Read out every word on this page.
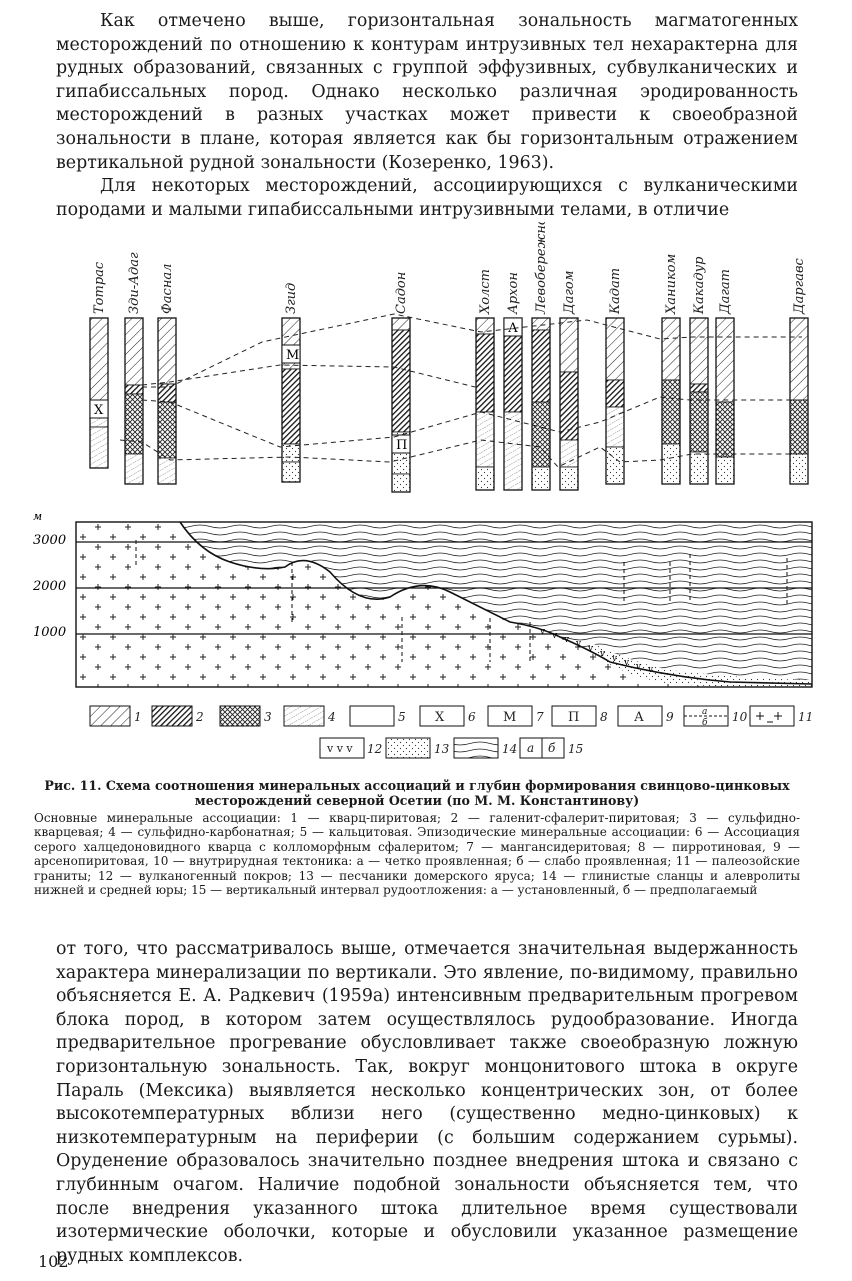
Как отмечено выше, горизонтальная зональность магматогенных месторождений по отношению к контурам интрузивных тел нехарактерна для рудных образований, связанных с группой эффузивных, субвулканических и гипабиссальных пород. Однако несколько различная эродированность месторождений в разных участках может привести к своеобразной зональности в плане, которая является как бы горизонтальным отражением вертикальной рудной зональности (Козеренко, 1963).
Для некоторых месторождений, ассоциирующихся с вулканическими породами и малыми гипабиссальными интрузивными телами, в отличие

Тотрас Зди-Адаг Фаснал	Згид	Садон	Холст Архон Левобережное Дагом Кадат	Хаником Какадур Дагат	Даргавс
Х
М
П
А
м
3000
2000
1000	v v v v v v v v v v
1	2	3	4	5 Х 6 М 7 П 8 А 9	а
б 10	11
v v v 12	13	14 а б 15

Рис. 11. Схема соотношения минеральных ассоциаций и глубин формирования свинцово-цинковых месторождений северной Осетии (по М. М. Константинову)

Основные минеральные ассоциации: 1 — кварц-пиритовая; 2 — галенит-сфалерит-пиритовая; 3 — сульфидно-кварцевая; 4 — сульфидно-карбонатная; 5 — кальцитовая. Эпизодические минеральные ассоциации: 6 — Ассоциация серого халцедоновидного кварца с колломорфным сфалеритом; 7 — мангансидеритовая; 8 — пирротиновая, 9 — арсенопиритовая, 10 — внутрирудная тектоника: а — четко проявленная; б — слабо проявленная; 11 — палеозойские граниты; 12 — вулканогенный покров; 13 — песчаники домерского яруса; 14 — глинистые сланцы и алевролиты нижней и средней юры; 15 — вертикальный интервал рудоотложения: а — установленный, б — предполагаемый

от того, что рассматривалось выше, отмечается значительная выдержанность характера минерализации по вертикали. Это явление, по-видимому, правильно объясняется Е. А. Радкевич (1959а) интенсивным предварительным прогревом блока пород, в котором затем осуществлялось рудообразование. Иногда предварительное прогревание обусловливает также своеобразную ложную горизонтальную зональность. Так, вокруг монцонитового штока в округе Параль (Мексика) выявляется несколько концентрических зон, от более высокотемпературных вблизи него (существенно медно-цинковых) к низкотемпературным на периферии (с большим содержанием сурьмы). Оруденение образовалось значительно позднее внедрения штока и связано с глубинным очагом. Наличие подобной зональности объясняется тем, что после внедрения указанного штока длительное время существовали изотермические оболочки, которые и обусловили указанное размещение рудных комплексов.

102
